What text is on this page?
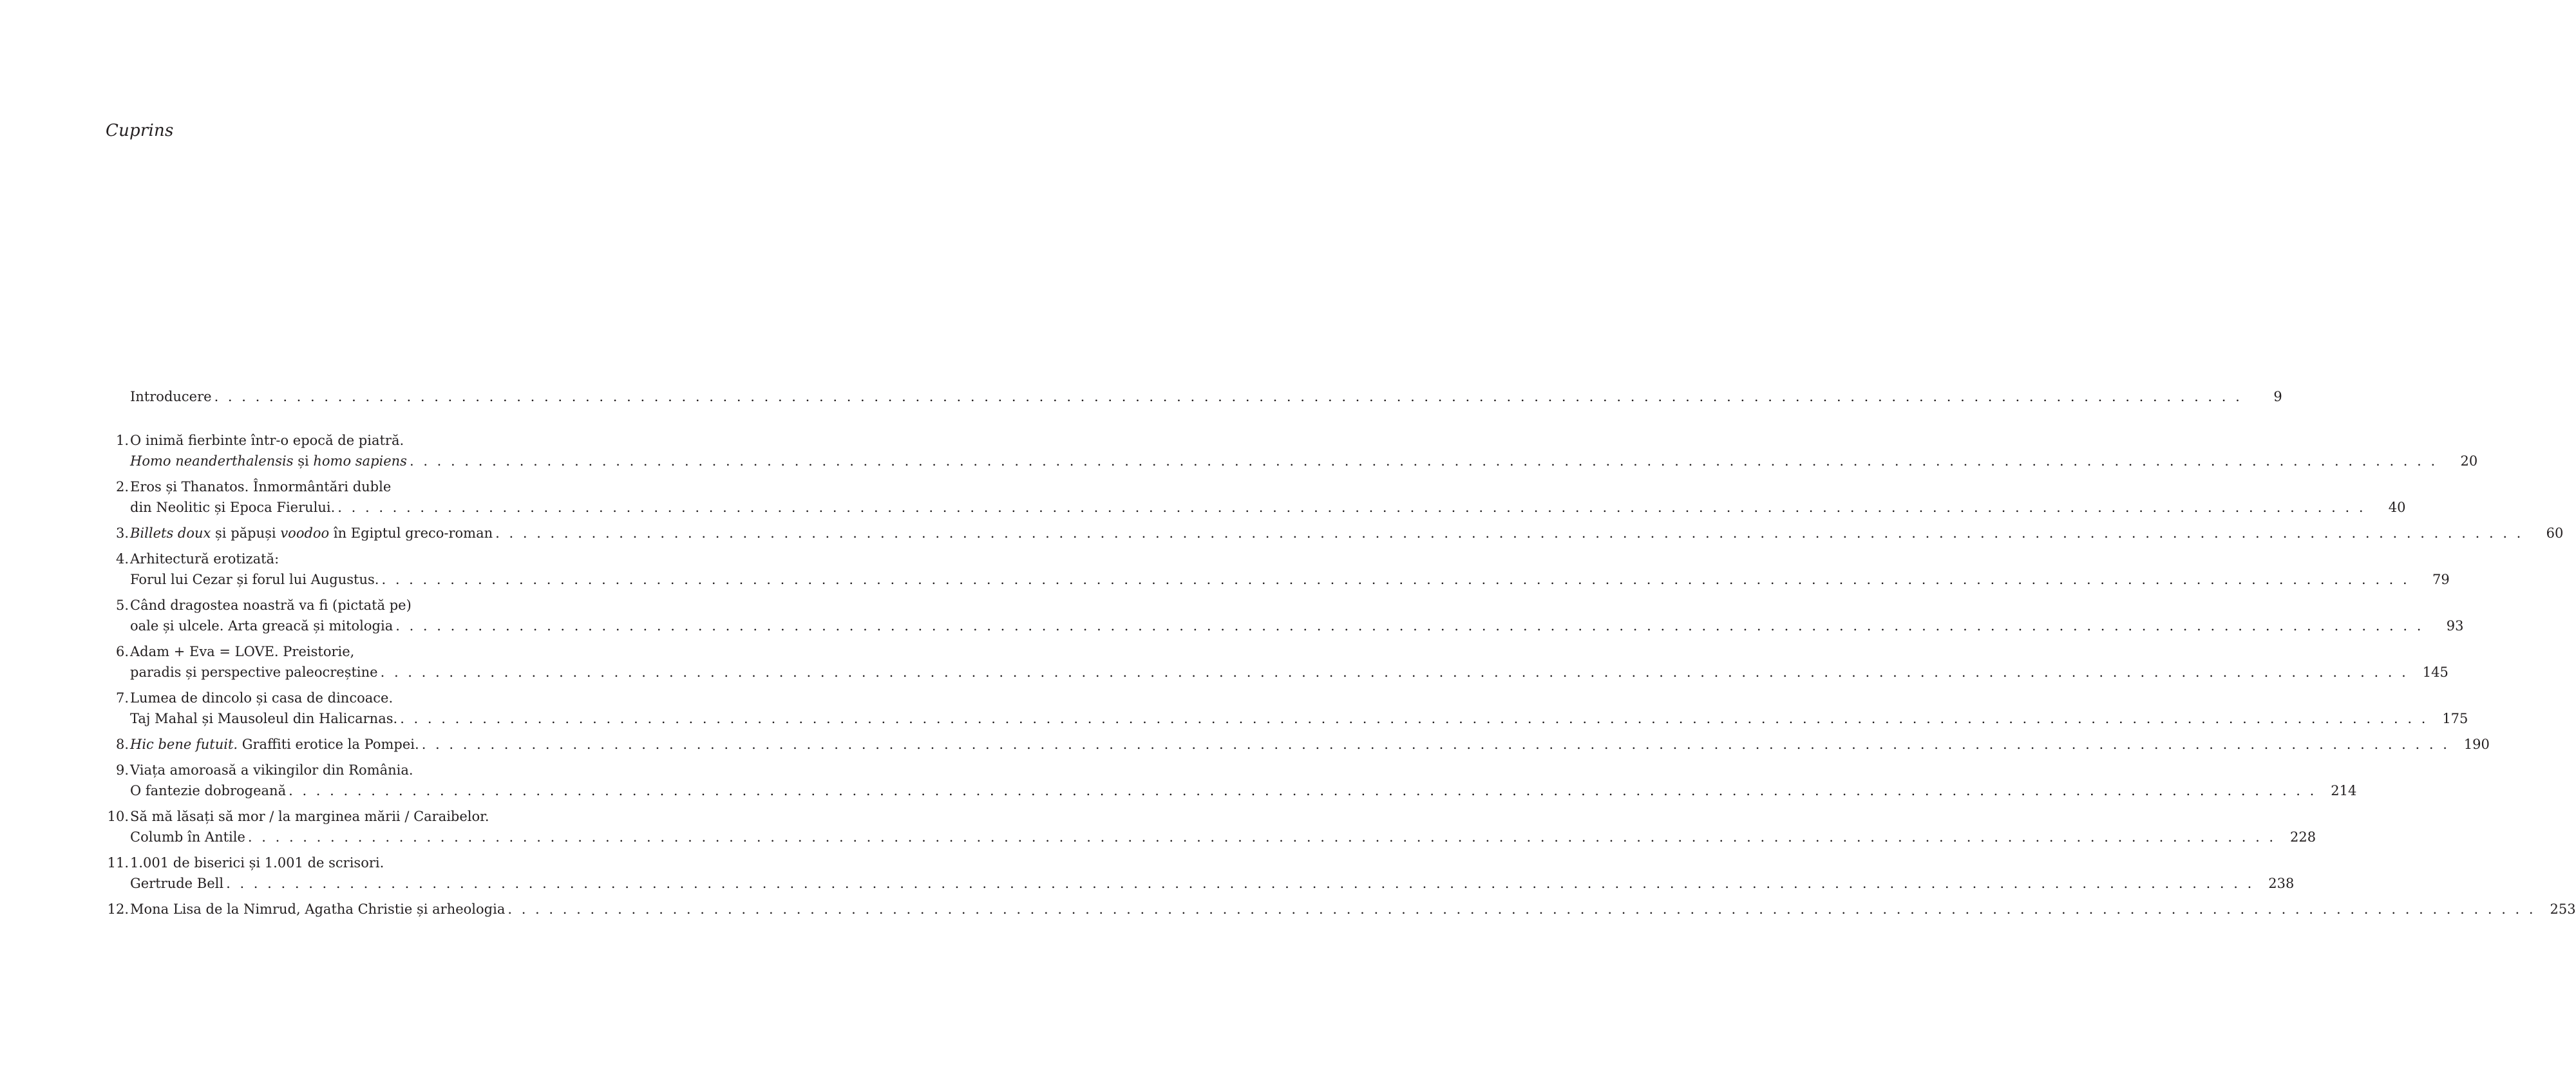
Cuprins
Introducere . . .	9
1. O inimă fierbinte într-o epocă de piatră.
Homo neanderthalensis și homo sapiens . . .	20
2. Eros și Thanatos. Înmormântări duble
din Neolitic și Epoca Fierului. . . .	40
3. Billets doux și păpuși voodoo în Egiptul greco-roman . . .	60
4. Arhitectură erotizată:
Forul lui Cezar și forul lui Augustus. . . .	79
5. Când dragostea noastră va fi (pictată pe)
oale și ulcele. Arta greacă și mitologia . . .	93
6. Adam + Eva = LOVE. Preistorie,
paradis și perspective paleocreștine . . .	145
7. Lumea de dincolo și casa de dincoace.
Taj Mahal și Mausoleul din Halicarnas. . . .	175
8. Hic bene futuit. Graffiti erotice la Pompei. . . .	190
9. Viața amoroasă a vikingilor din România.
O fantezie dobrogeană . . .	214
10. Să mă lăsați să mor / la marginea mării / Caraibelor.
Columb în Antile . . .	228
11. 1.001 de biserici și 1.001 de scrisori.
Gertrude Bell . . .	238
12. Mona Lisa de la Nimrud, Agatha Christie și arheologia . . .	253
